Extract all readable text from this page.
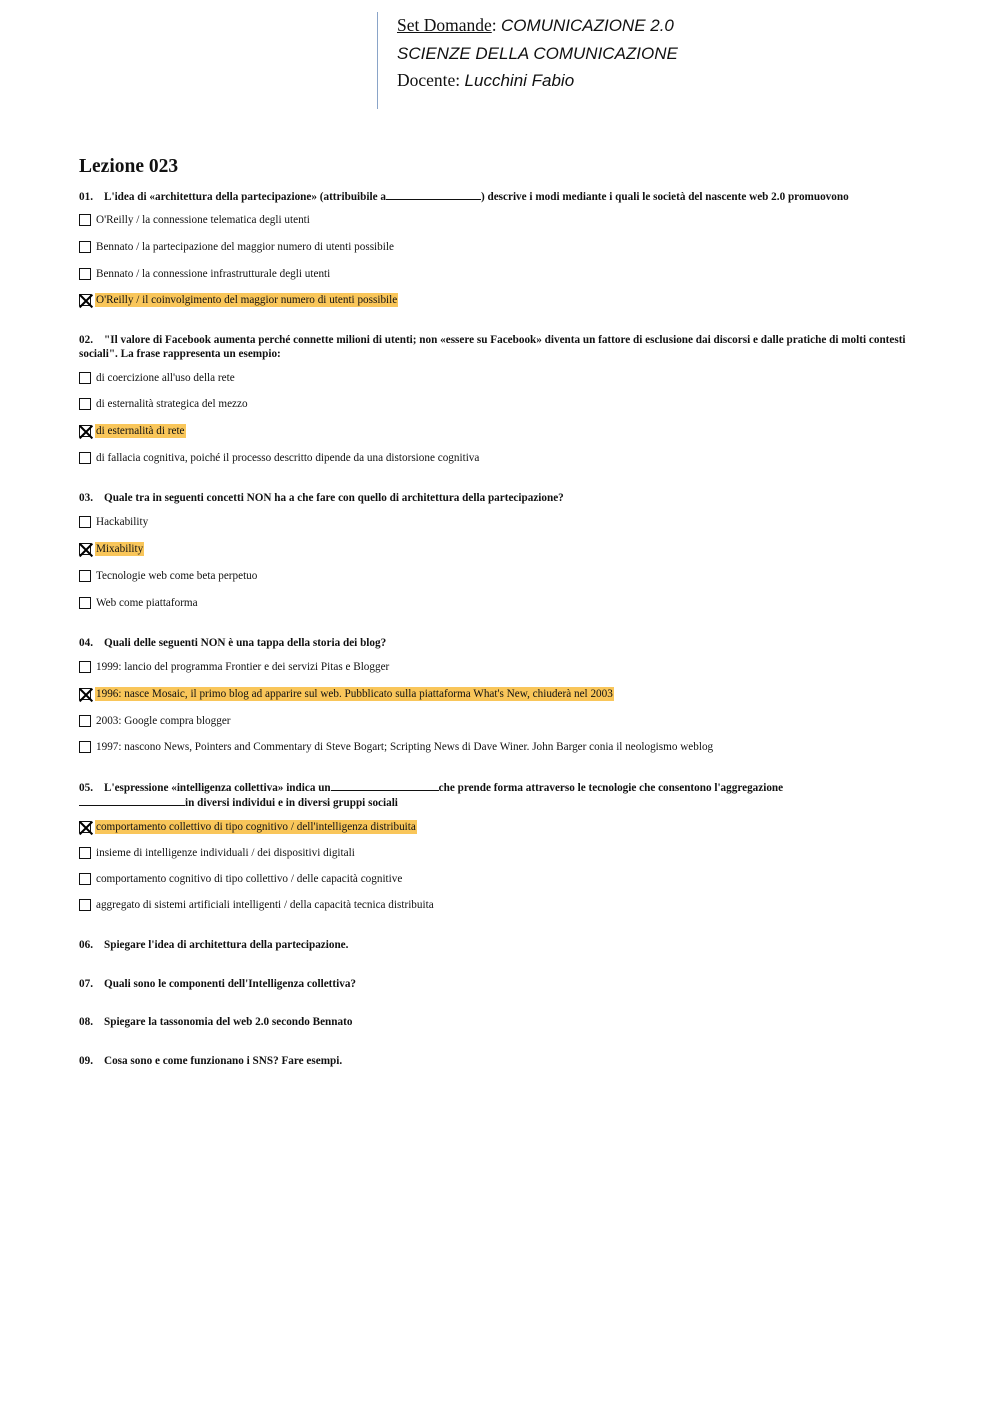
Set Domande: COMUNICAZIONE 2.0
SCIENZE DELLA COMUNICAZIONE
Docente: Lucchini Fabio
Lezione 023

01. L'idea di «architettura della partecipazione» (attribuibile a	) descrive i modi mediante i quali le società del nascente web 2.0 promuovono

O'Reilly / la connessione telematica degli utenti
Bennato / la partecipazione del maggior numero di utenti possibile
Bennato / la connessione infrastrutturale degli utenti
O'Reilly / il coinvolgimento del maggior numero di utenti possibile

02. "Il valore di Facebook aumenta perché connette milioni di utenti; non «essere su Facebook» diventa un fattore di esclusione dai discorsi e dalle pratiche di molti contesti sociali". La frase rappresenta un esempio:

di coercizione all'uso della rete
di esternalità strategica del mezzo
di esternalità di rete
di fallacia cognitiva, poiché il processo descritto dipende da una distorsione cognitiva

03. Quale tra in seguenti concetti NON ha a che fare con quello di architettura della partecipazione?

Hackability
Mixability
Tecnologie web come beta perpetuo
Web come piattaforma

04. Quali delle seguenti NON è una tappa della storia dei blog?

1999: lancio del programma Frontier e dei servizi Pitas e Blogger
1996: nasce Mosaic, il primo blog ad apparire sul web. Pubblicato sulla piattaforma What's New, chiuderà nel 2003
2003: Google compra blogger
1997: nascono News, Pointers and Commentary di Steve Bogart; Scripting News di Dave Winer. John Barger conia il neologismo weblog

05. L'espressione «intelligenza collettiva» indica un	che prende forma attraverso le tecnologie che consentono l'aggregazione
in diversi individui e in diversi gruppi sociali

comportamento collettivo di tipo cognitivo / dell'intelligenza distribuita
insieme di intelligenze individuali / dei dispositivi digitali
comportamento cognitivo di tipo collettivo / delle capacità cognitive
aggregato di sistemi artificiali intelligenti / della capacità tecnica distribuita

06. Spiegare l'idea di architettura della partecipazione.

07. Quali sono le componenti dell'Intelligenza collettiva?

08. Spiegare la tassonomia del web 2.0 secondo Bennato

09. Cosa sono e come funzionano i SNS? Fare esempi.
